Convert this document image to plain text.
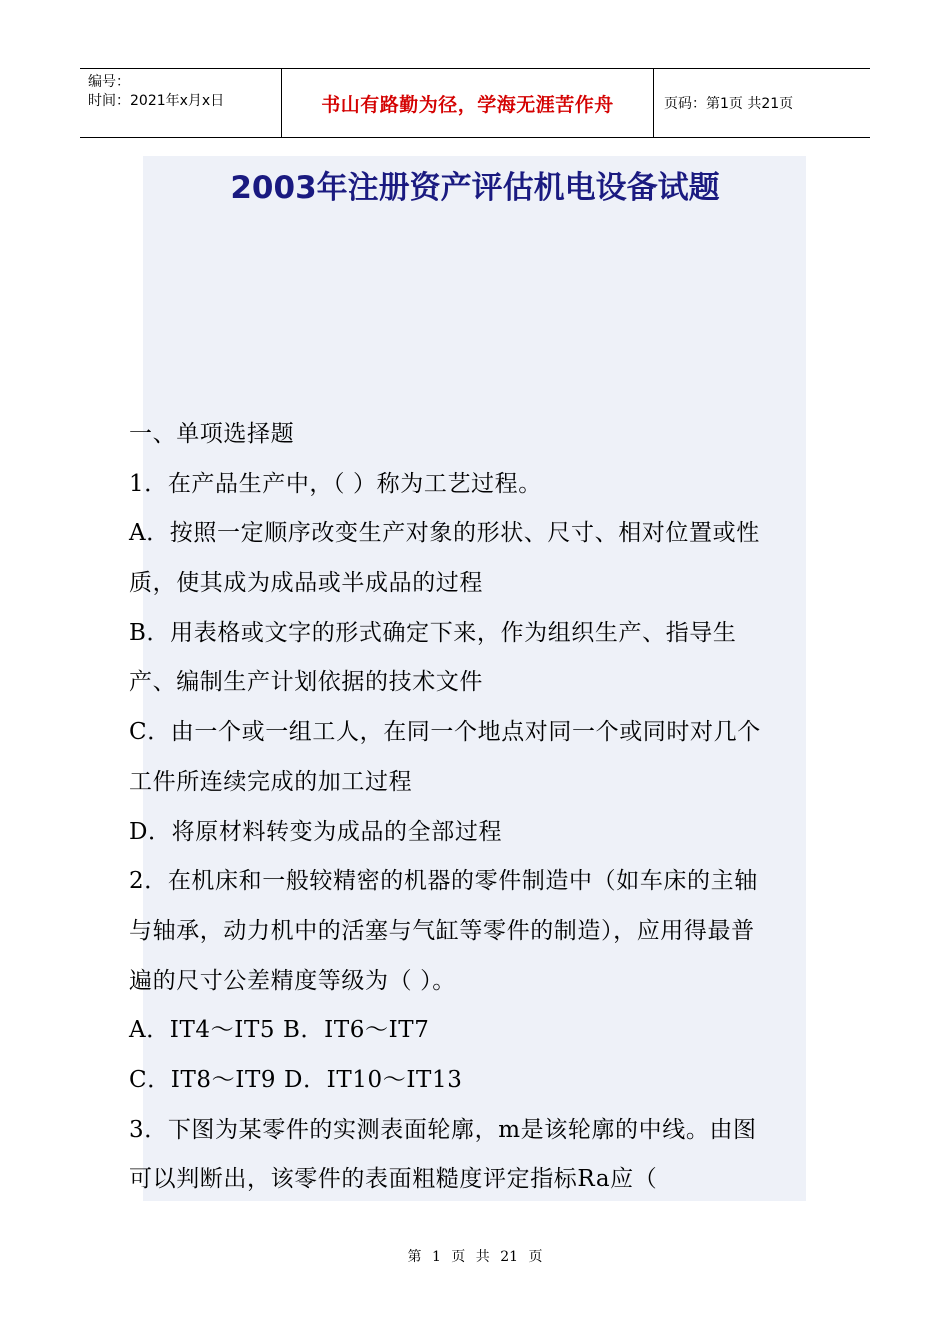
编号：
时间：2021年x月x日	书山有路勤为径，学海无涯苦作舟	页码：第1页 共21页
2003年注册资产评估机电设备试题
一、单项选择题
1．在产品生产中，（ ）称为工艺过程。
A．按照一定顺序改变生产对象的形状、尺寸、相对位置或性
质，使其成为成品或半成品的过程
B．用表格或文字的形式确定下来，作为组织生产、指导生
产、编制生产计划依据的技术文件
C．由一个或一组工人，在同一个地点对同一个或同时对几个
工件所连续完成的加工过程
D．将原材料转变为成品的全部过程
2．在机床和一般较精密的机器的零件制造中（如车床的主轴
与轴承，动力机中的活塞与气缸等零件的制造），应用得最普
遍的尺寸公差精度等级为（ ）。
A．IT4～IT5 B．IT6～IT7
C．IT8～IT9 D．IT10～IT13
3．下图为某零件的实测表面轮廓，m是该轮廓的中线。由图
可以判断出，该零件的表面粗糙度评定指标Ra应（
第 1 页 共 21 页
